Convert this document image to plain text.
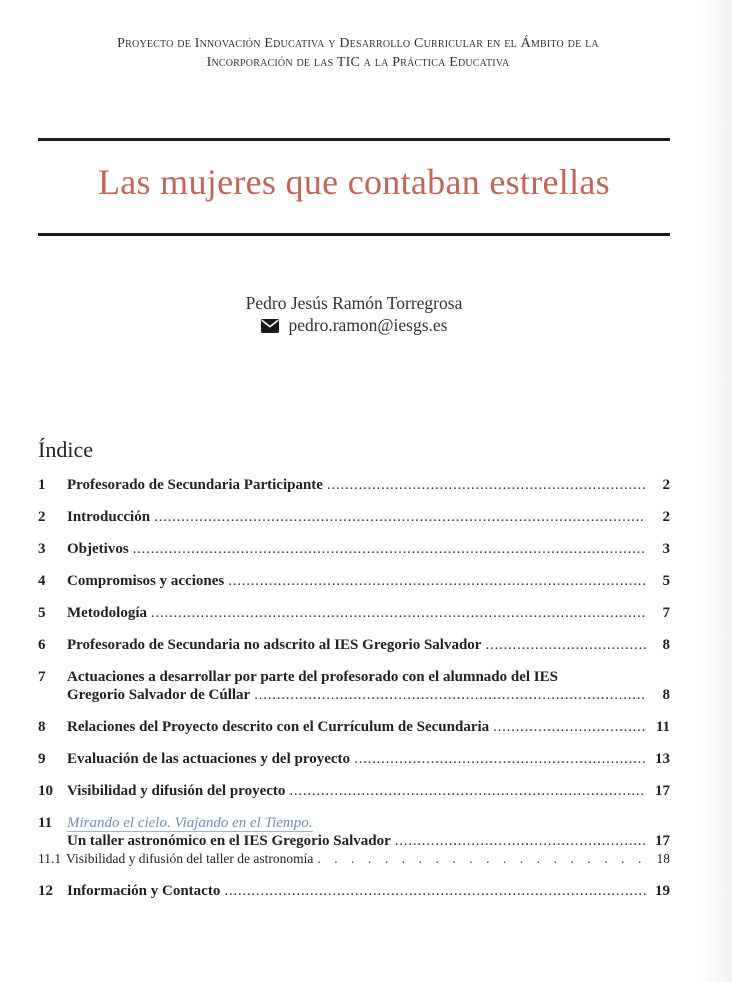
Proyecto de Innovación Educativa y Desarrollo Curricular en el Ámbito de la
Incorporación de las TIC a la Práctica Educativa
Las mujeres que contaban estrellas
Pedro Jesús Ramón Torregrosa
pedro.ramon@iesgs.es
Índice
1 Profesorado de Secundaria Participante . . .	2
2 Introducción . . .	2
3 Objetivos . . .	3
4 Compromisos y acciones . . .	5
5 Metodología . . .	7
6 Profesorado de Secundaria no adscrito al IES Gregorio Salvador . . .	8
7 Actuaciones a desarrollar por parte del profesorado con el alumnado del IES
Gregorio Salvador de Cúllar . . .	8
8 Relaciones del Proyecto descrito con el Currículum de Secundaria . . .	11
9 Evaluación de las actuaciones y del proyecto . . .	13
10 Visibilidad y difusión del proyecto . . .	17
11 Mirando el cielo. Viajando en el Tiempo.
Un taller astronómico en el IES Gregorio Salvador . . .	17
11.1 Visibilidad y difusión del taller de astronomía .	18
12 Información y Contacto . . .	19
